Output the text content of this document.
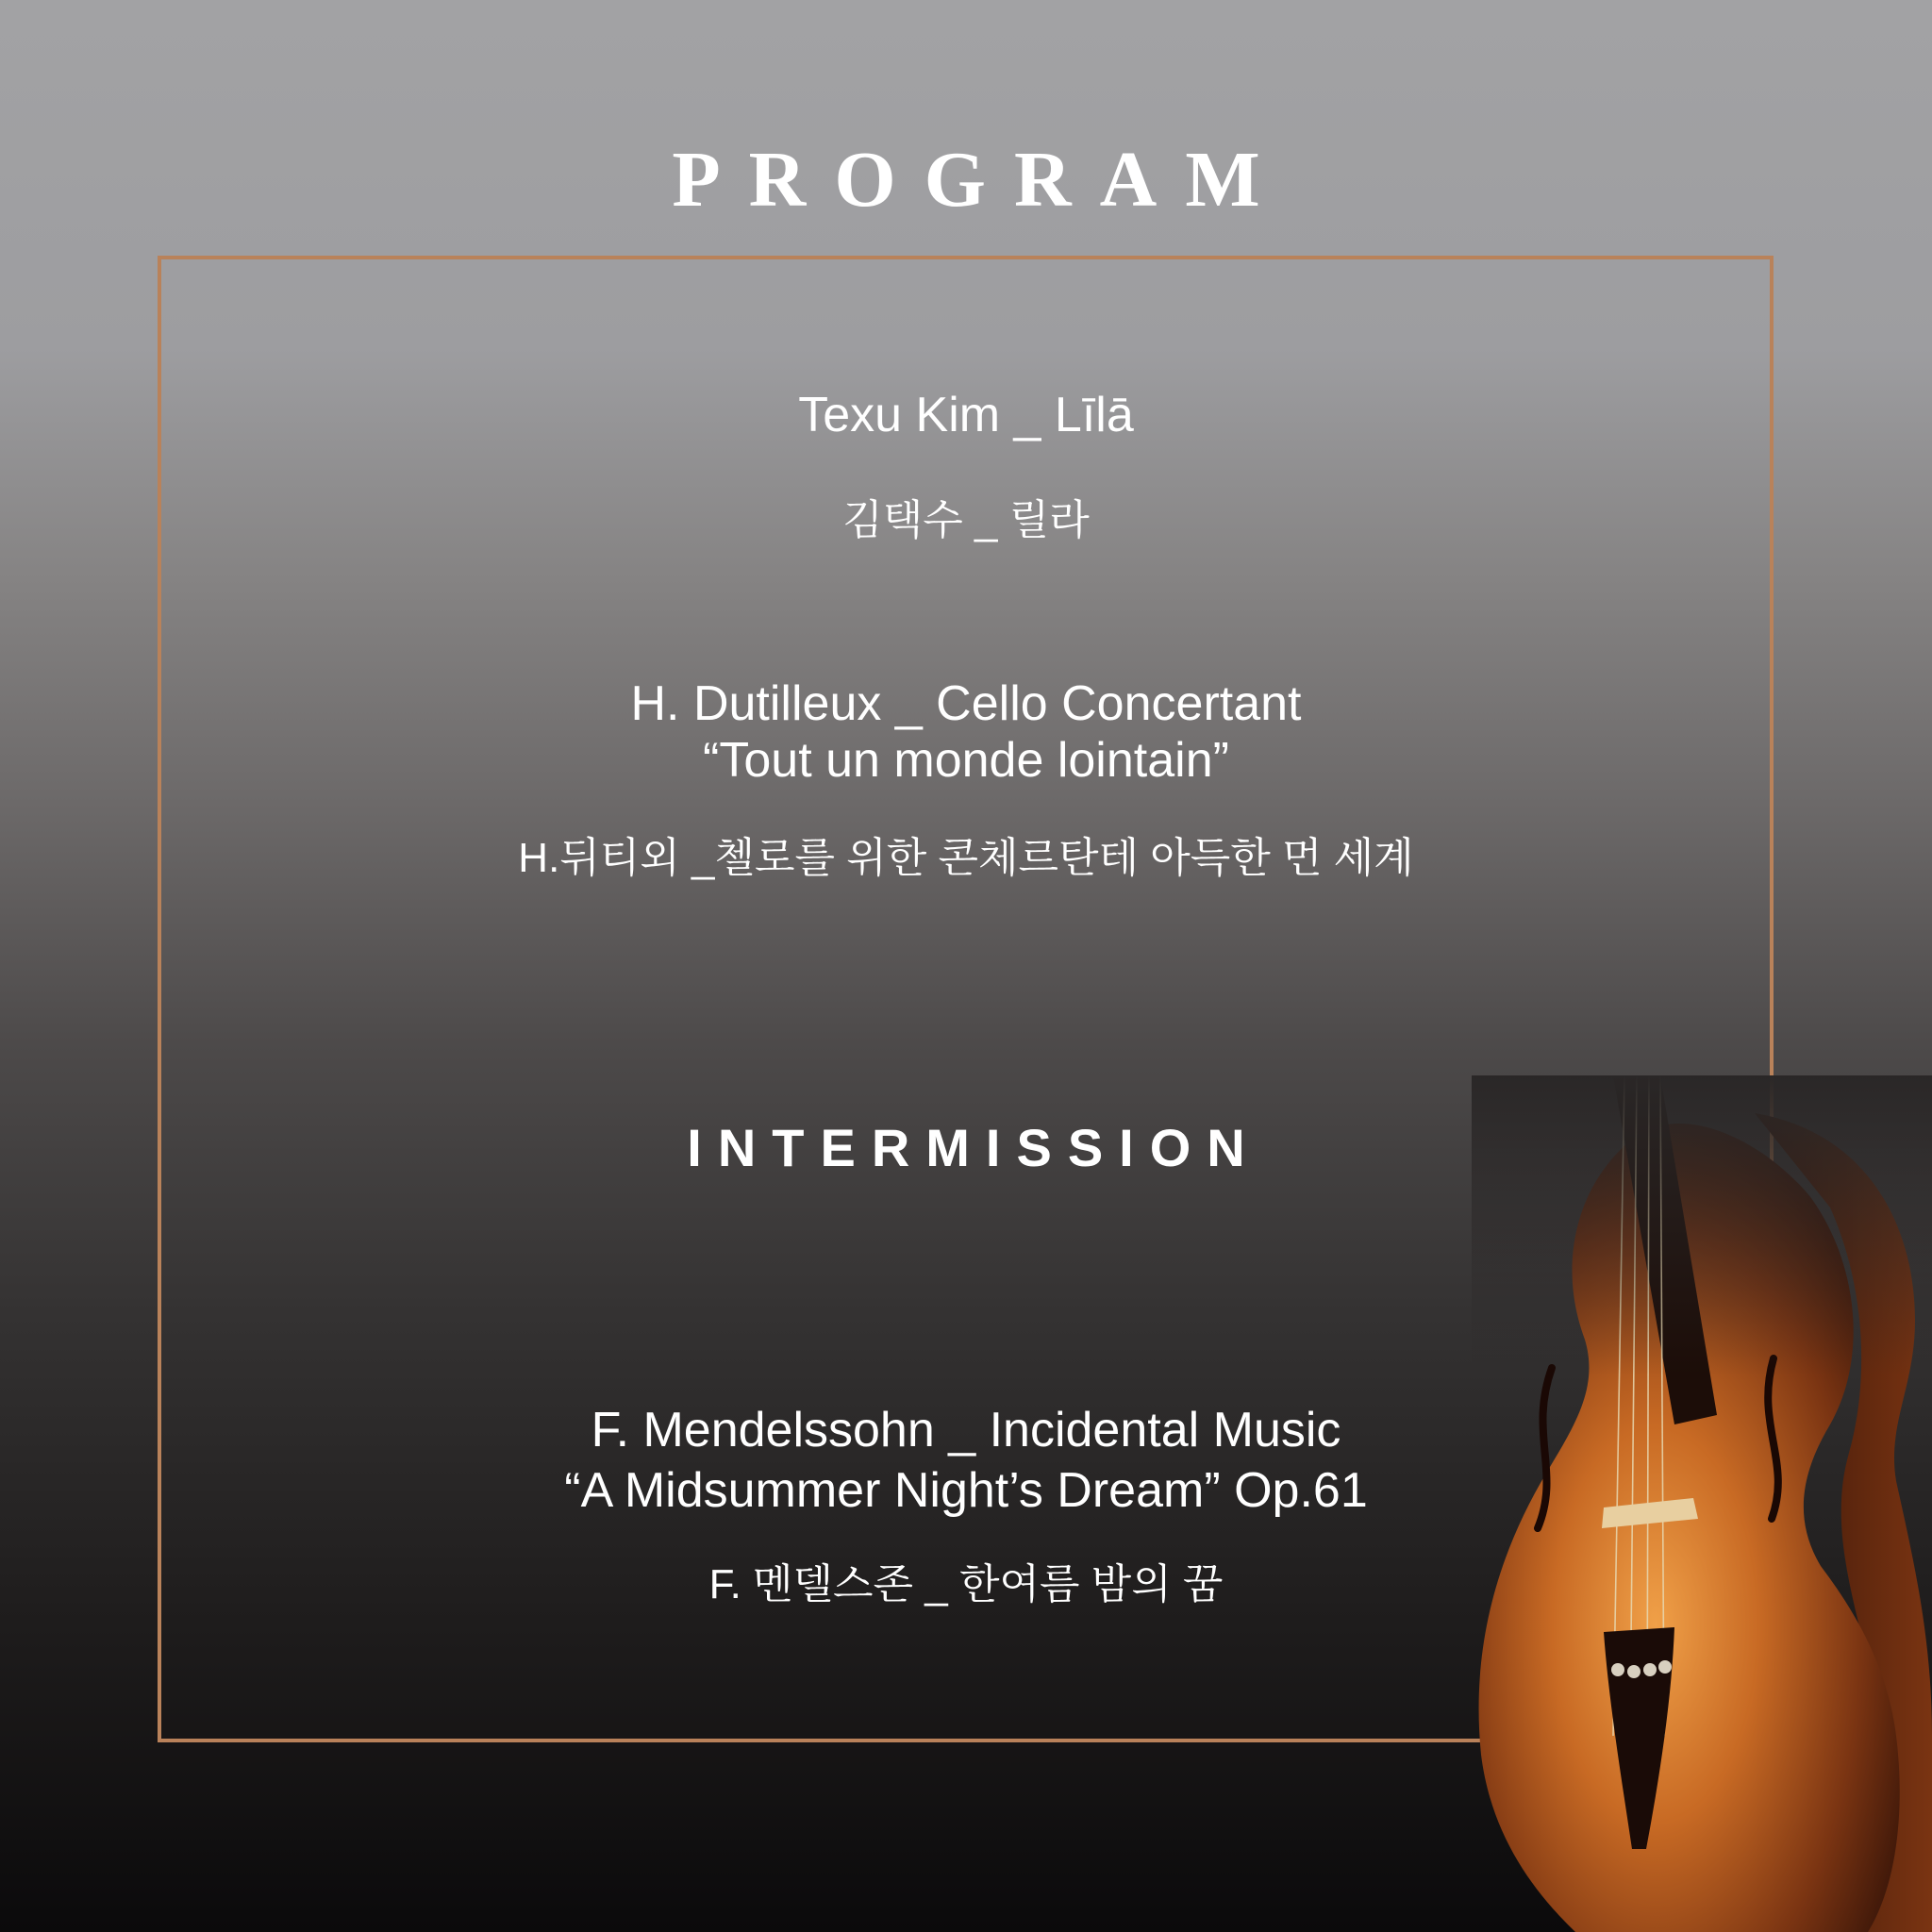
PROGRAM
Texu Kim _ Līlā
김택수 _ 릴라
H. Dutilleux _ Cello Concertant
“Tout un monde lointain”
H.뒤티외 _첼로를 위한 콘체르탄테 아득한 먼 세계
INTERMISSION
F. Mendelssohn _ Incidental Music
“A Midsummer Night’s Dream” Op.61
F. 멘델스존 _ 한여름 밤의 꿈
